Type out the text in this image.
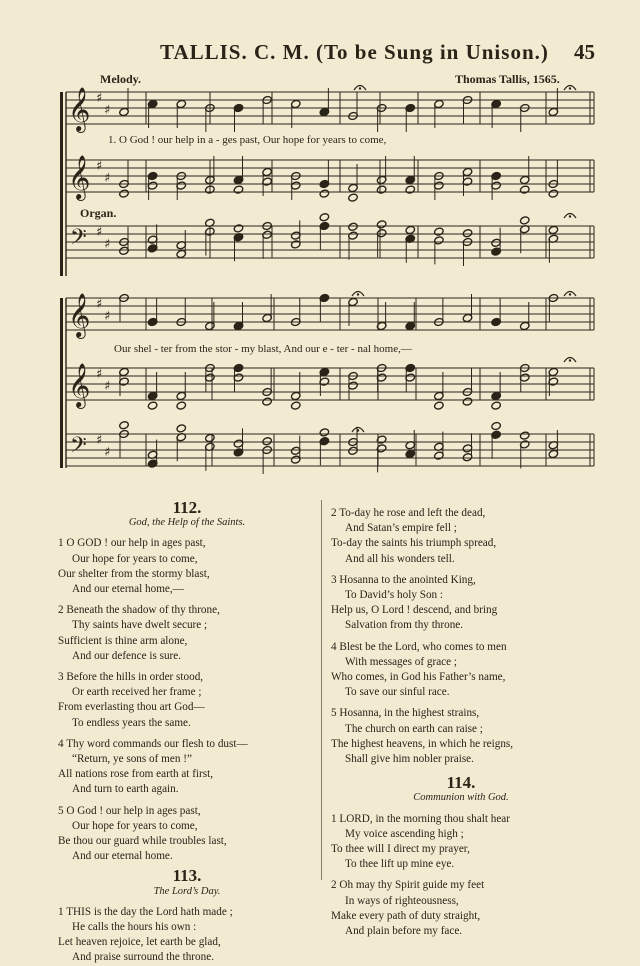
TALLIS. C. M. (To be Sung in Unison.) 45
Melody.	Thomas Tallis, 1565.
Organ.
𝄞 ♯
♯
𝄞 ♯
♯
𝄢 ♯
♯
𝄞 ♯
♯
𝄞 ♯
♯
𝄢 ♯
♯
1. O God ! our help in a - ges past, Our hope for years to come,
Our shel - ter from the stor - my blast, And our e - ter - nal home,—
112.
God, the Help of the Saints.
1 O GOD ! our help in ages past,
Our hope for years to come,
Our shelter from the stormy blast,
And our eternal home,—
2 Beneath the shadow of thy throne,
Thy saints have dwelt secure ;
Sufficient is thine arm alone,
And our defence is sure.
3 Before the hills in order stood,
Or earth received her frame ;
From everlasting thou art God—
To endless years the same.
4 Thy word commands our flesh to dust—
“Return, ye sons of men !”
All nations rose from earth at first,
And turn to earth again.
5 O God ! our help in ages past,
Our hope for years to come,
Be thou our guard while troubles last,
And our eternal home.
113.
The Lord’s Day.
1 THIS is the day the Lord hath made ;
He calls the hours his own :
Let heaven rejoice, let earth be glad,
And praise surround the throne.
2 To-day he rose and left the dead,
And Satan’s empire fell ;
To-day the saints his triumph spread,
And all his wonders tell.
3 Hosanna to the anointed King,
To David’s holy Son :
Help us, O Lord ! descend, and bring
Salvation from thy throne.
4 Blest be the Lord, who comes to men
With messages of grace ;
Who comes, in God his Father’s name,
To save our sinful race.
5 Hosanna, in the highest strains,
The church on earth can raise ;
The highest heavens, in which he reigns,
Shall give him nobler praise.
114.
Communion with God.
1 LORD, in the morning thou shalt hear
My voice ascending high ;
To thee will I direct my prayer,
To thee lift up mine eye.
2 Oh may thy Spirit guide my feet
In ways of righteousness,
Make every path of duty straight,
And plain before my face.
